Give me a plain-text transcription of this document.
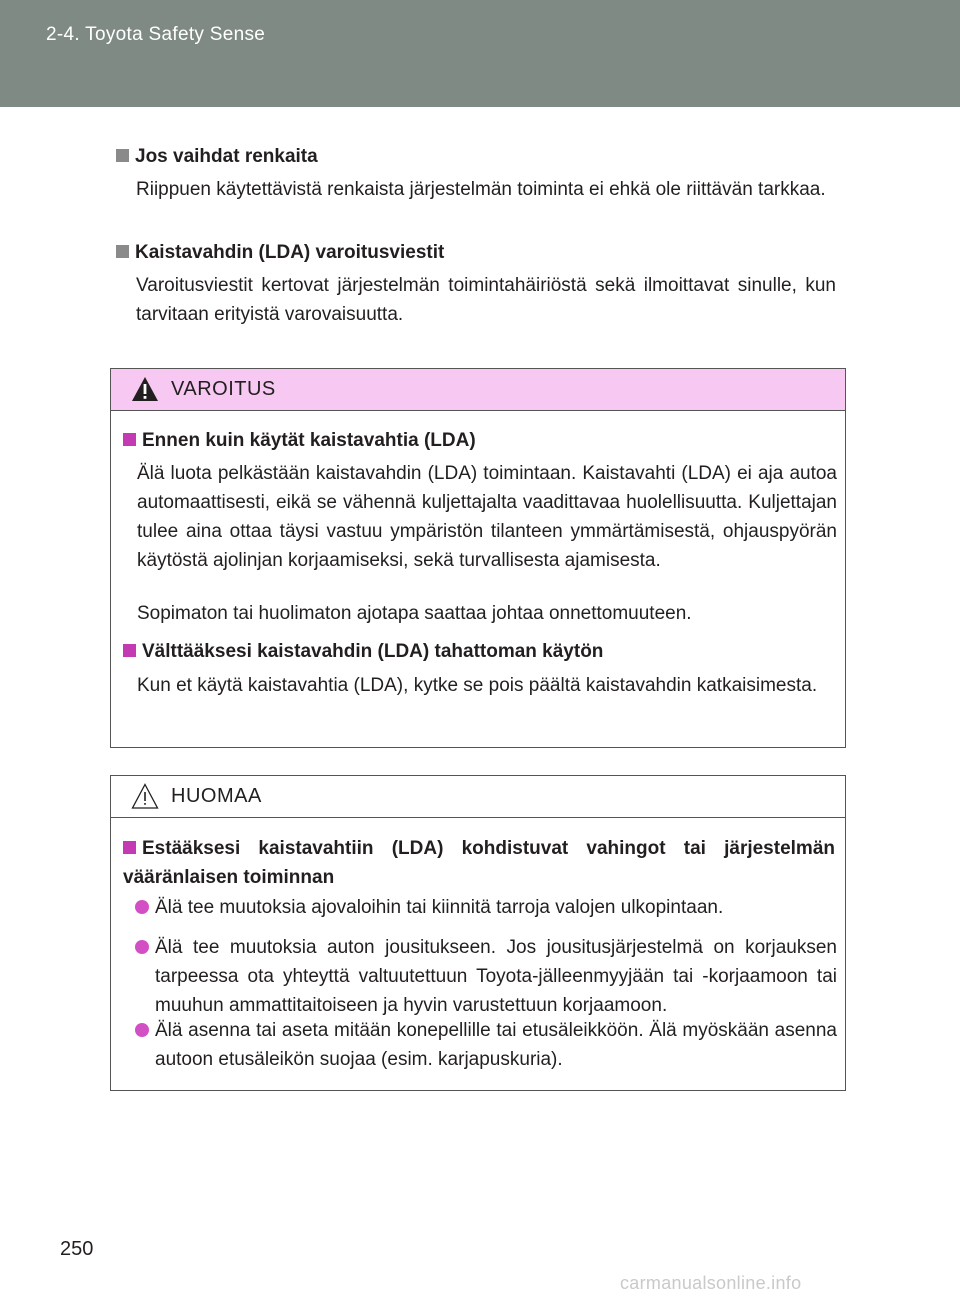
2-4. Toyota Safety Sense
Jos vaihdat renkaita
Riippuen käytettävistä renkaista järjestelmän toiminta ei ehkä ole riittävän tarkkaa.
Kaistavahdin (LDA) varoitusviestit
Varoitusviestit kertovat järjestelmän toimintahäiriöstä sekä ilmoittavat sinulle, kun tarvitaan erityistä varovaisuutta.
VAROITUS
Ennen kuin käytät kaistavahtia (LDA)
Älä luota pelkästään kaistavahdin (LDA) toimintaan. Kaistavahti (LDA) ei aja autoa automaattisesti, eikä se vähennä kuljettajalta vaadittavaa huolellisuutta. Kuljettajan tulee aina ottaa täysi vastuu ympäristön tilanteen ymmärtämisestä, ohjauspyörän käytöstä ajolinjan korjaamiseksi, sekä turvallisesta ajamisesta.
Sopimaton tai huolimaton ajotapa saattaa johtaa onnettomuuteen.
Välttääksesi kaistavahdin (LDA) tahattoman käytön
Kun et käytä kaistavahtia (LDA), kytke se pois päältä kaistavahdin katkaisimesta.
HUOMAA
Estääksesi kaistavahtiin (LDA) kohdistuvat vahingot tai järjestelmän vääränlaisen toiminnan
Älä tee muutoksia ajovaloihin tai kiinnitä tarroja valojen ulkopintaan.
Älä tee muutoksia auton jousitukseen. Jos jousitusjärjestelmä on korjauksen tarpeessa ota yhteyttä valtuutettuun Toyota-jälleenmyyjään tai -korjaamoon tai muuhun ammattitaitoiseen ja hyvin varustettuun korjaamoon.
Älä asenna tai aseta mitään konepellille tai etusäleikköön. Älä myöskään asenna autoon etusäleikön suojaa (esim. karjapuskuria).
250
carmanualsonline.info
